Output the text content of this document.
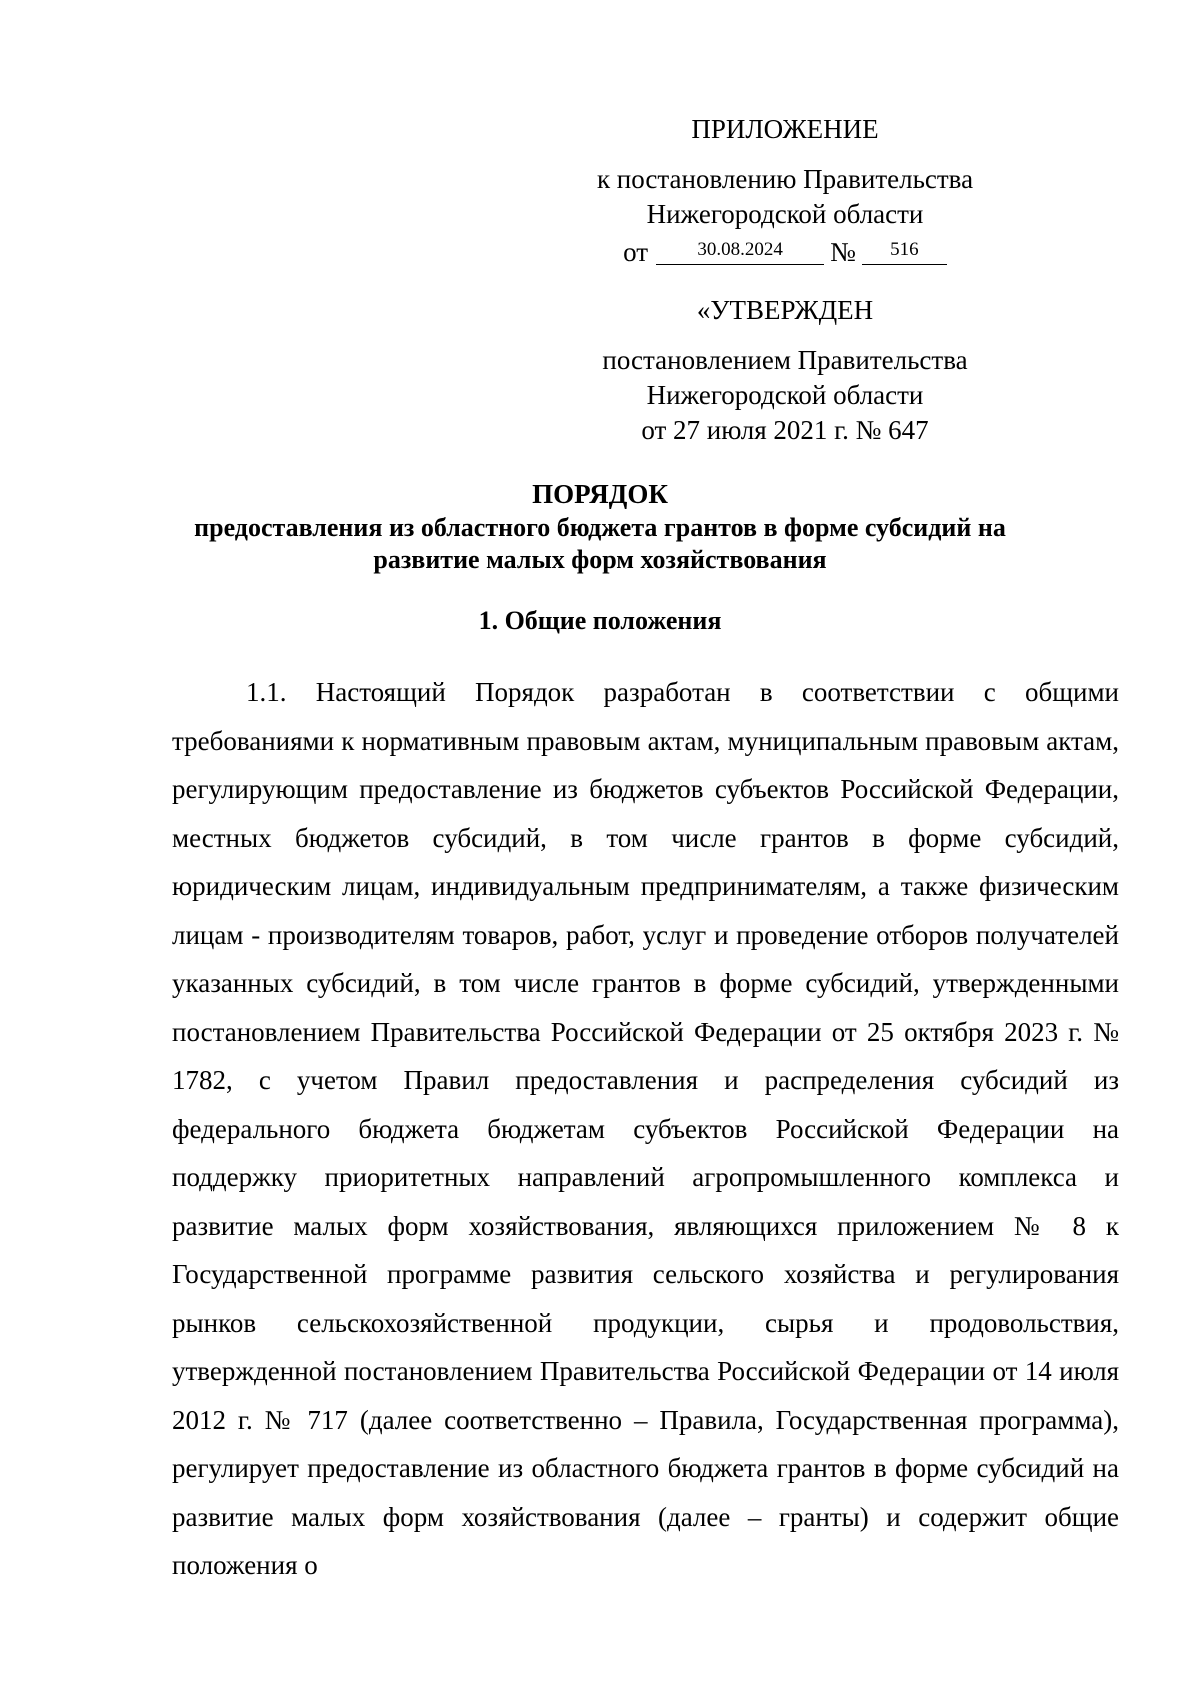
ПРИЛОЖЕНИЕ
к постановлению Правительства
Нижегородской области
от	30.08.2024	№	516
«УТВЕРЖДЕН
постановлением Правительства
Нижегородской области
от 27 июля 2021 г. № 647
ПОРЯДОК
предоставления из областного бюджета грантов в форме субсидий на
развитие малых форм хозяйствования
1. Общие положения

1.1. Настоящий Порядок разработан в соответствии с общими требованиями к нормативным правовым актам, муниципальным правовым актам, регулирующим предоставление из бюджетов субъектов Российской Федерации, местных бюджетов субсидий, в том числе грантов в форме субсидий, юридическим лицам, индивидуальным предпринимателям, а также физическим лицам - производителям товаров, работ, услуг и проведение отборов получателей указанных субсидий, в том числе грантов в форме субсидий, утвержденными постановлением Правительства Российской Федерации от 25 октября 2023 г. № 1782, с учетом Правил предоставления и распределения субсидий из федерального бюджета бюджетам субъектов Российской Федерации на поддержку приоритетных направлений агропромышленного комплекса и развитие малых форм хозяйствования, являющихся приложением № 8 к Государственной программе развития сельского хозяйства и регулирования рынков сельскохозяйственной продукции, сырья и продовольствия, утвержденной постановлением Правительства Российской Федерации от 14 июля 2012 г. № 717 (далее соответственно – Правила, Государственная программа), регулирует предоставление из областного бюджета грантов в форме субсидий на развитие малых форм хозяйствования (далее – гранты) и содержит общие положения о
